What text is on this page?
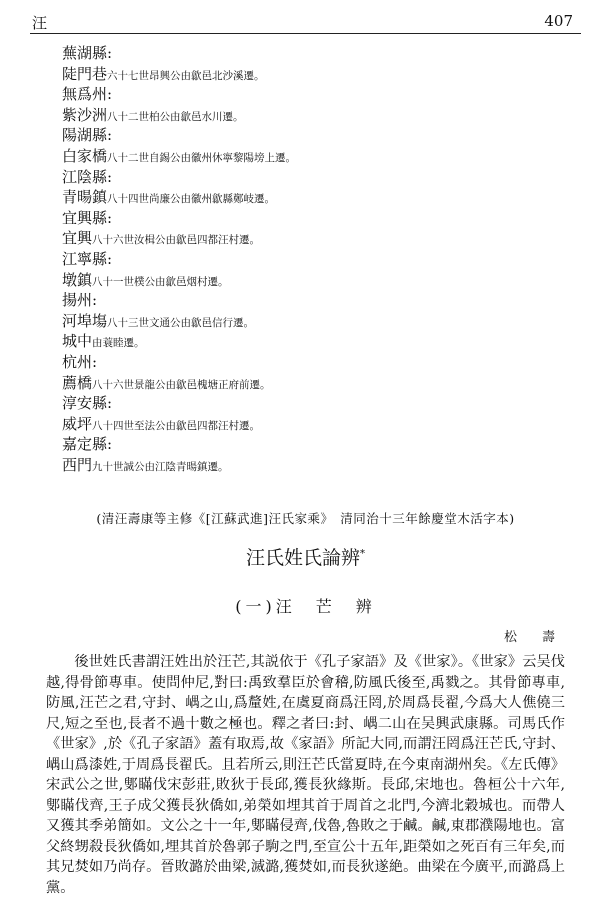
汪	407
蕪湖縣:
陡門巷六十七世昂興公由歙邑北沙溪遷。
無爲州:
紫沙洲八十二世柏公由歙邑水川遷。
陽湖縣:
白家橋八十二世自錫公由徽州休寧黎陽塝上遷。
江陰縣:
青暘鎮八十四世尚廉公由徽州歙縣鄭岐遷。
宜興縣:
宜興八十六世汝楫公由歙邑四都汪村遷。
江寧縣:
墩鎮八十一世樸公由歙邑烟村遷。
揚州:
河埠塲八十三世文通公由歙邑信行遷。
城中由蓑睦遷。
杭州:
薦橋八十六世景龍公由歙邑槐塘正府前遷。
淳安縣:
威坪八十四世至法公由歙邑四都汪村遷。
嘉定縣:
西門九十世誠公由江陰青暘鎮遷。
(清汪壽康等主修《[江蘇武進]汪氏家乘》　清同治十三年餘慶堂木活字本)
汪氏姓氏論辨*
(一)汪　芒　辨
松　壽

後世姓氏書謂汪姓出於汪芒,其説依于《孔子家語》及《世家》。《世家》云吴伐越,得骨節專車。使問仲尼,對曰:禹致羣臣於會稽,防風氏後至,禹戮之。其骨節專車,防風,汪芒之君,守封、嵎之山,爲釐姓,在虞夏商爲汪罔,於周爲長翟,今爲大人僬僥三尺,短之至也,長者不過十數之極也。釋之者曰:封、嵎二山在吴興武康縣。司馬氏作《世家》,於《孔子家語》蓋有取焉,故《家語》所記大同,而謂汪罔爲汪芒氏,守封、嵎山爲漆姓,于周爲長翟氏。且若所云,則汪芒氏當夏時,在今東南湖州矣。《左氏傳》宋武公之世,鄋瞞伐宋彭莊,敗狄于長邱,獲長狄緣斯。長邱,宋地也。魯桓公十六年,鄋瞞伐齊,王子成父獲長狄僑如,弟榮如埋其首于周首之北門,今濟北穀城也。而帶人又獲其季弟簡如。文公之十一年,鄋瞞侵齊,伐魯,魯敗之于鹹。鹹,東郡濮陽地也。富父終甥殺長狄僑如,埋其首於魯郭子駒之門,至宣公十五年,距榮如之死百有三年矣,而其兄焚如乃尚存。晉敗潞於曲梁,滅潞,獲焚如,而長狄遂絶。曲梁在今廣平,而潞爲上黨。
